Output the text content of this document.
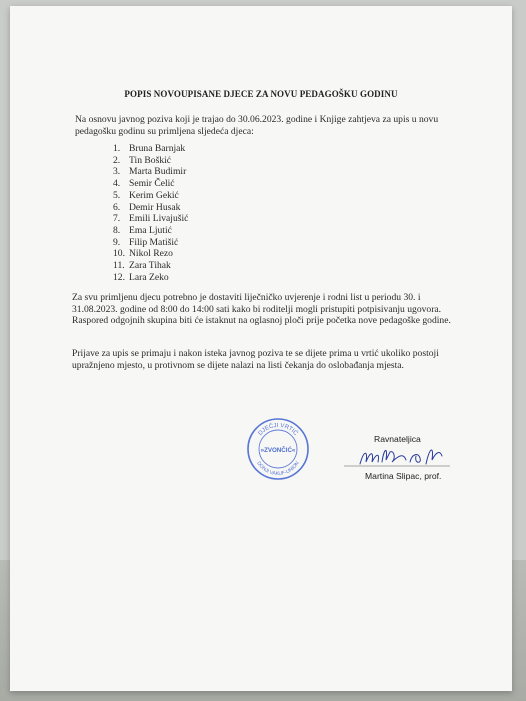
POPIS NOVOUPISANE DJECE ZA NOVU PEDAGOŠKU GODINU
Na osnovu javnog poziva koji je trajao do 30.06.2023. godine i Knjige zahtjeva za upis u novu pedagošku godinu su primljena sljedeća djeca:
1. Bruna Barnjak
2. Tin Boškić
3. Marta Budimir
4. Semir Čelić
5. Kerim Gekić
6. Demir Husak
7. Emili Livajušić
8. Ema Ljutić
9. Filip Matišić
10. Nikol Rezo
11. Zara Tihak
12. Lara Zeko
Za svu primljenu djecu potrebno je dostaviti liječničko uvjerenje i rodni list u periodu 30. i 31.08.2023. godine od 8:00 do 14:00 sati kako bi roditelji mogli pristupiti potpisivanju ugovora. Raspored odgojnih skupina biti će istaknut na oglasnoj ploči prije početka nove pedagoške godine.
Prijave za upis se primaju i nakon isteka javnog poziva te se dijete prima u vrtić ukoliko postoji upražnjeno mjesto, u protivnom se dijete nalazi na listi čekanja do oslobađanja mjesta.
DJEČJI VRTIĆ
DONJI VAKUF-UNION
»ZVONČIĆ«
Ravnateljica
Martina Slipac, prof.
